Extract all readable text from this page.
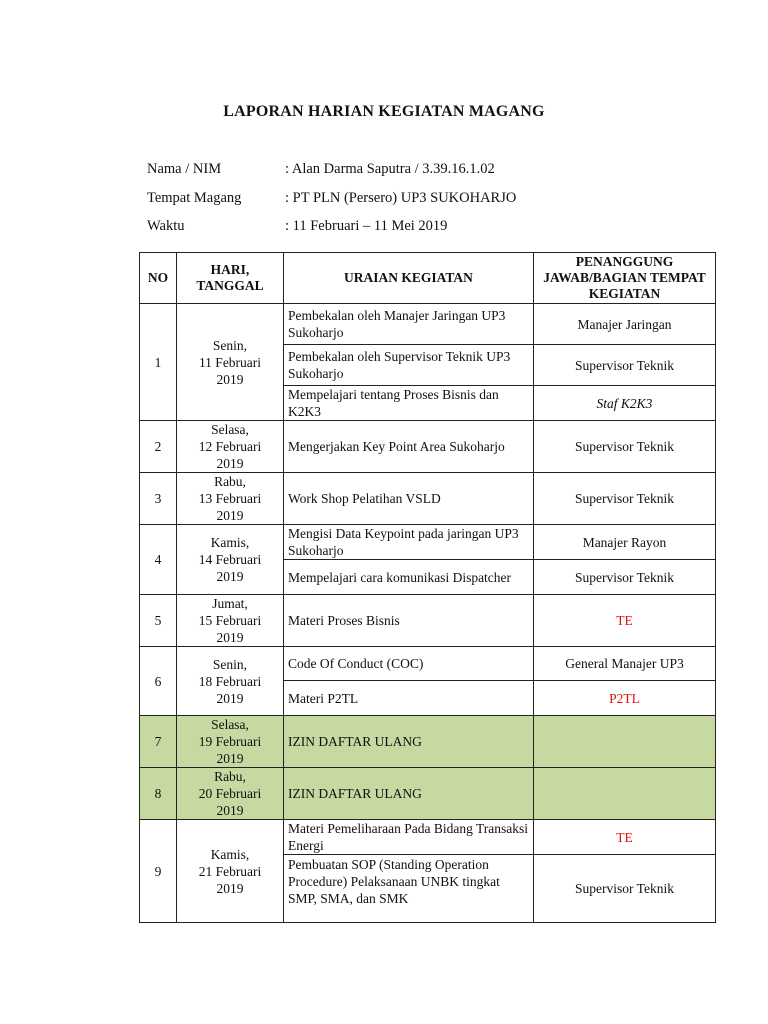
LAPORAN HARIAN KEGIATAN MAGANG
Nama / NIM	: Alan Darma Saputra / 3.39.16.1.02
Tempat Magang	: PT PLN (Persero) UP3 SUKOHARJO
Waktu	: 11 Februari – 11 Mei 2019
NO	HARI, TANGGAL	URAIAN KEGIATAN	PENANGGUNG JAWAB/BAGIAN TEMPAT KEGIATAN
1	Senin,
11 Februari
2019	Pembekalan oleh Manajer Jaringan UP3 Sukoharjo	Manajer Jaringan
		Pembekalan oleh Supervisor Teknik UP3 Sukoharjo	Supervisor Teknik
		Mempelajari tentang Proses Bisnis dan K2K3	Staf K2K3
2	Selasa,
12 Februari
2019	Mengerjakan Key Point Area Sukoharjo	Supervisor Teknik
3	Rabu,
13 Februari
2019	Work Shop Pelatihan VSLD	Supervisor Teknik
4	Kamis,
14 Februari
2019	Mengisi Data Keypoint pada jaringan UP3 Sukoharjo	Manajer Rayon
		Mempelajari cara komunikasi Dispatcher	Supervisor Teknik
5	Jumat,
15 Februari
2019	Materi Proses Bisnis	TE
6	Senin,
18 Februari
2019	Code Of Conduct (COC)	General Manajer UP3
		Materi P2TL	P2TL
7	Selasa,
19 Februari
2019	IZIN DAFTAR ULANG	
8	Rabu,
20 Februari
2019	IZIN DAFTAR ULANG	
9	Kamis,
21 Februari
2019	Materi Pemeliharaan Pada Bidang Transaksi Energi	TE
		Pembuatan SOP (Standing Operation Procedure) Pelaksanaan UNBK tingkat SMP, SMA, dan SMK	Supervisor Teknik
